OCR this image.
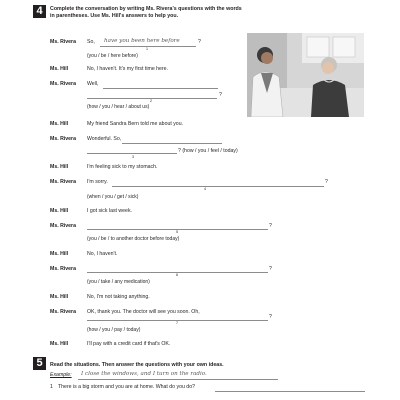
4	Complete the conversation by writing Ms. Rivera's questions with the words
in parentheses. Use Ms. Hill's answers to help you.
Ms. Rivera So, have you been here before	?
1
(you / be / here before)
Ms. Hill	No, I haven't. It's my first time here.
Ms. Rivera Well,
?
2
(how / you / hear / about us)
Ms. Hill	My friend Sandra Bern told me about you.
Ms. Rivera Wonderful. So,
? (how / you / feel / today)
3
Ms. Hill	I'm feeling sick to my stomach.
Ms. Rivera I'm sorry.	?
4
(when / you / get / sick)
Ms. Hill	I got sick last week.
Ms. Rivera	?
5
(you / be / to another doctor before today)
Ms. Hill	No, I haven't.
Ms. Rivera	?
6
(you / take / any medication)
Ms. Hill	No, I'm not taking anything.
Ms. Rivera OK, thank you. The doctor will see you soon. Oh,
?
7
(how / you / pay / today)
Ms. Hill	I'll pay with a credit card if that's OK.
5	Read the situations. Then answer the questions with your own ideas.
Example: I close the windows, and I turn on the radio.
1 There is a big storm and you are at home. What do you do?
